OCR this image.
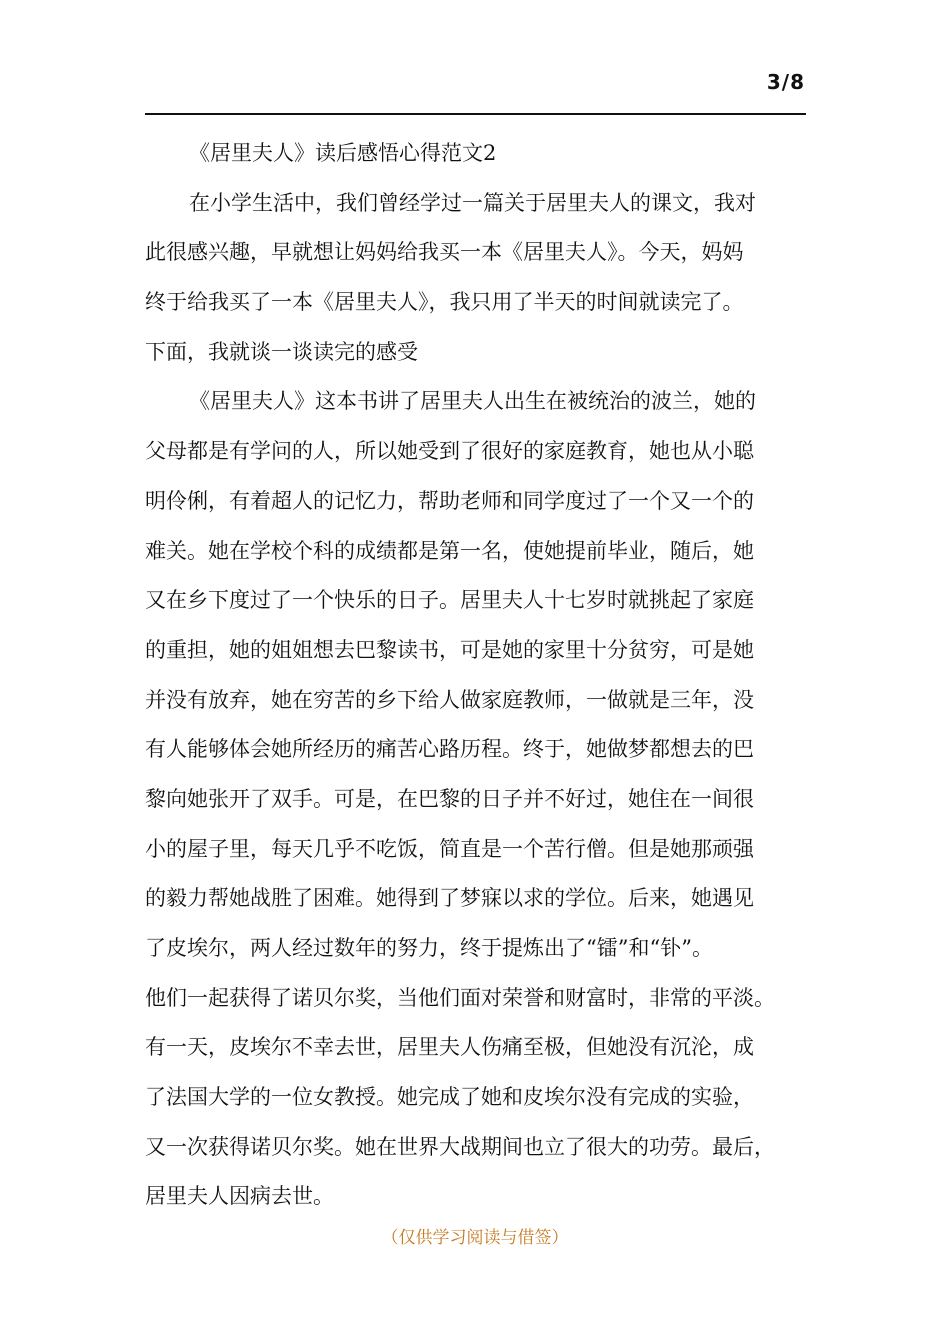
3/8
《居里夫人》读后感悟心得范文2
在小学生活中，我们曾经学过一篇关于居里夫人的课文，我对
此很感兴趣，早就想让妈妈给我买一本《居里夫人》。今天，妈妈
终于给我买了一本《居里夫人》，我只用了半天的时间就读完了。
下面，我就谈一谈读完的感受
《居里夫人》这本书讲了居里夫人出生在被统治的波兰，她的
父母都是有学问的人，所以她受到了很好的家庭教育，她也从小聪
明伶俐，有着超人的记忆力，帮助老师和同学度过了一个又一个的
难关。她在学校个科的成绩都是第一名，使她提前毕业，随后，她
又在乡下度过了一个快乐的日子。居里夫人十七岁时就挑起了家庭
的重担，她的姐姐想去巴黎读书，可是她的家里十分贫穷，可是她
并没有放弃，她在穷苦的乡下给人做家庭教师，一做就是三年，没
有人能够体会她所经历的痛苦心路历程。终于，她做梦都想去的巴
黎向她张开了双手。可是，在巴黎的日子并不好过，她住在一间很
小的屋子里，每天几乎不吃饭，简直是一个苦行僧。但是她那顽强
的毅力帮她战胜了困难。她得到了梦寐以求的学位。后来，她遇见
了皮埃尔，两人经过数年的努力，终于提炼出了“镭”和“钋”。
他们一起获得了诺贝尔奖，当他们面对荣誉和财富时，非常的平淡。
有一天，皮埃尔不幸去世，居里夫人伤痛至极，但她没有沉沦，成
了法国大学的一位女教授。她完成了她和皮埃尔没有完成的实验，
又一次获得诺贝尔奖。她在世界大战期间也立了很大的功劳。最后，
居里夫人因病去世。
（仅供学习阅读与借签）
